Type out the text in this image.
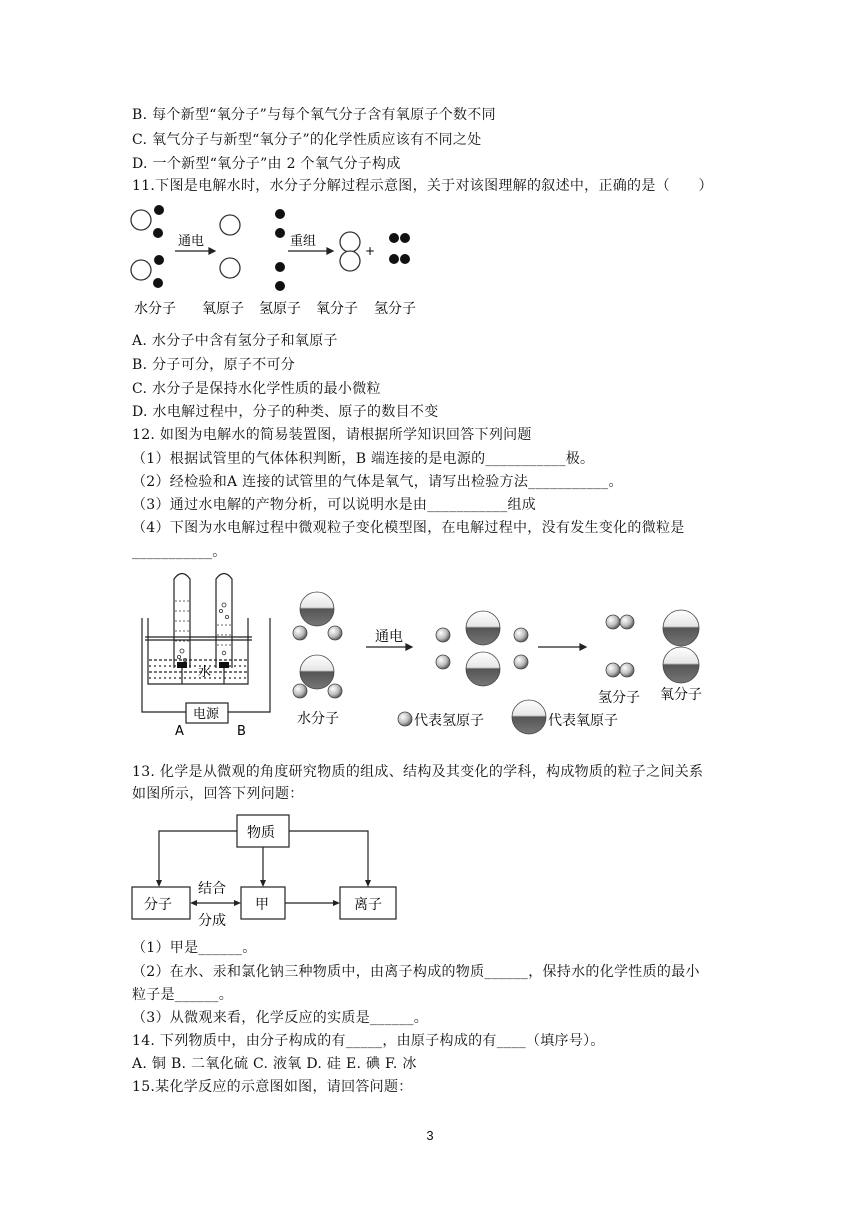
B. 每个新型“氧分子”与每个氧气分子含有氧原子个数不同
C. 氧气分子与新型“氧分子”的化学性质应该有不同之处
D. 一个新型“氧分子”由 2 个氧气分子构成
11.下图是电解水时，水分子分解过程示意图，关于对该图理解的叙述中，正确的是（　　）
通电	重组
+
水分子 氧原子 氢原子 氧分子 氢分子
A. 水分子中含有氢分子和氧原子
B. 分子可分，原子不可分
C. 水分子是保持水化学性质的最小微粒
D. 水电解过程中，分子的种类、原子的数目不变
12. 如图为电解水的简易装置图，请根据所学知识回答下列问题
（1）根据试管里的气体体积判断，B 端连接的是电源的___________极。
（2）经检验和A 连接的试管里的气体是氧气，请写出检验方法___________。
（3）通过水电解的产物分析，可以说明水是由___________组成
（4）下图为水电解过程中微观粒子变化模型图，在电解过程中，没有发生变化的微粒是
___________。
水
电源
A	B
水分子
通电
氢分子 氧分子
代表氢原子	代表氧原子
13. 化学是从微观的角度研究物质的组成、结构及其变化的学科，构成物质的粒子之间关系
如图所示，回答下列问题：
物质
分子	甲	离子
结合
分成
（1）甲是______。
（2）在水、汞和氯化钠三种物质中，由离子构成的物质______，保持水的化学性质的最小
粒子是______。
（3）从微观来看，化学反应的实质是______。
14. 下列物质中，由分子构成的有_____，由原子构成的有____（填序号）。
A. 铜 B. 二氧化硫 C. 液氧 D. 硅 E. 碘 F. 冰
15.某化学反应的示意图如图，请回答问题：
3
